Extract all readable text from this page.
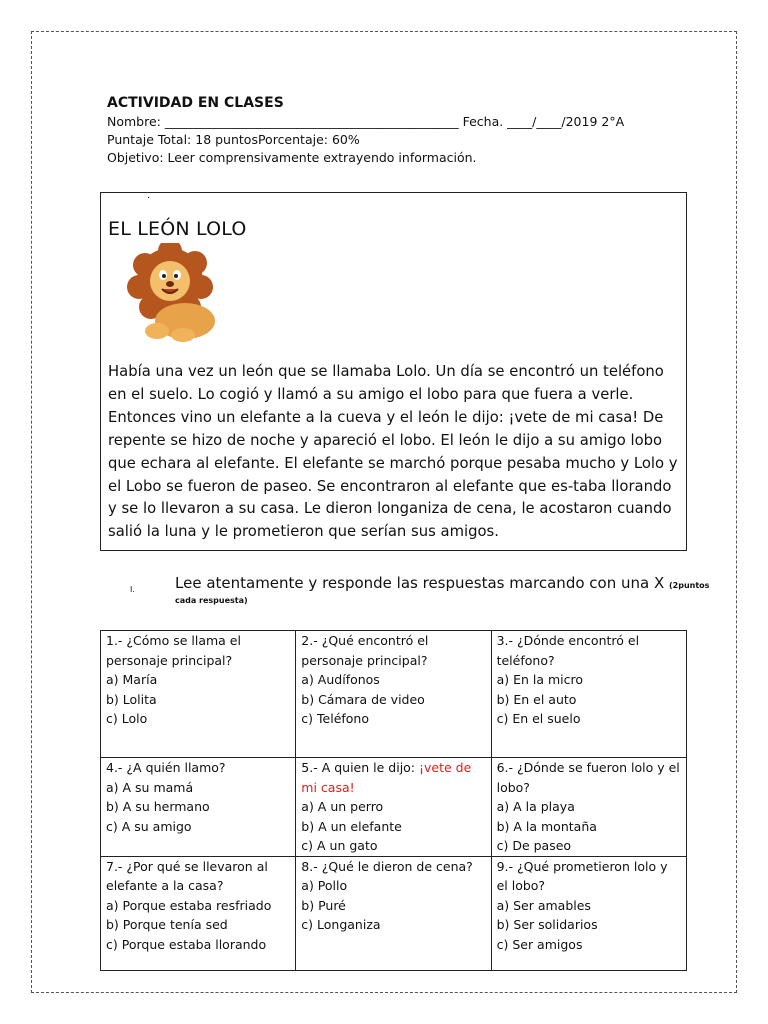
ACTIVIDAD EN CLASES
Nombre: _______________________________________________ Fecha. ____/____/2019 2°A
Puntaje Total: 18 puntosPorcentaje: 60%
Objetivo: Leer comprensivamente extrayendo información.
·
EL LEÓN LOLO
Había una vez un león que se llamaba Lolo. Un día se encontró un teléfono en el suelo. Lo cogió y llamó a su amigo el lobo para que fuera a verle. Entonces vino un elefante a la cueva y el león le dijo: ¡vete de mi casa! De repente se hizo de noche y apareció el lobo. El león le dijo a su amigo lobo que echara al elefante. El elefante se marchó porque pesaba mucho y Lolo y el Lobo se fueron de paseo. Se encontraron al elefante que es-taba llorando y se lo llevaron a su casa. Le dieron longaniza de cena, le acostaron cuando salió la luna y le prometieron que serían sus amigos.
I.	Lee atentamente y responde las respuestas marcando con una X (2puntos
cada respuesta)
1.- ¿Cómo se llama el personaje principal?
a) María
b) Lolita
c) Lolo	2.- ¿Qué encontró el personaje principal?
a) Audífonos
b) Cámara de video
c) Teléfono	3.- ¿Dónde encontró el teléfono?
a) En la micro
b) En el auto
c) En el suelo

4.- ¿A quién llamo?
a) A su mamá
b) A su hermano
c) A su amigo	5.- A quien le dijo: ¡vete de mi casa!
a) A un perro
b) A un elefante
c) A un gato	6.- ¿Dónde se fueron lolo y el lobo?
a) A la playa
b) A la montaña
c) De paseo

7.- ¿Por qué se llevaron al elefante a la casa?
a) Porque estaba resfriado
b) Porque tenía sed
c) Porque estaba llorando	8.- ¿Qué le dieron de cena?
a) Pollo
b) Puré
c) Longaniza	9.- ¿Qué prometieron lolo y el lobo?
a) Ser amables
b) Ser solidarios
c) Ser amigos
